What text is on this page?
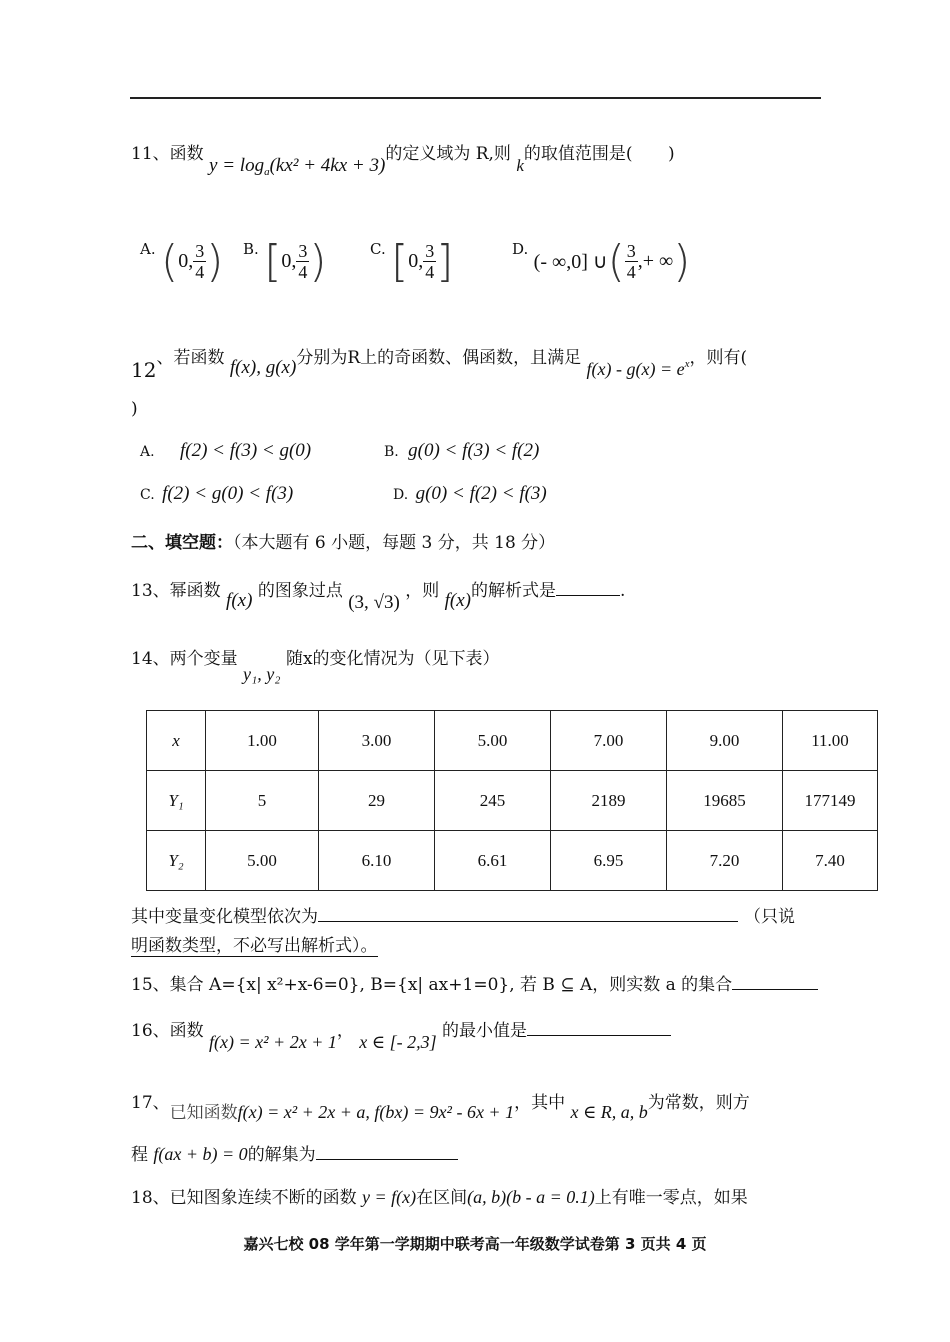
11、函数 $y = \log_a(kx^2 + 4kx + 3)$的定义域为 R,则 k的取值范围是( )
A. (0, $\frac{3}{4}$ ) B. [0, $\frac{3}{4}$ )	C. [0, $\frac{3}{4}$ ]	D. (- ∞,0] ∪( $\frac{3}{4}$ ,+ ∞)
12、若函数 f(x), g(x)分别为R上的奇函数、偶函数，且满足 $f(x) - g(x) = e^x$，则有(
)
A. f(2) < f(3) < g(0)	B. g(0) < f(3) < f(2)
C. f(2) < g(0) < f(3)	D. g(0) < f(2) < f(3)
二、填空题：（本大题有 6 小题，每题 3 分，共 18 分）
13、幂函数 f(x) 的图象过点 (3, √3) ，则 f(x)的解析式是	.
14、两个变量 y₁, y₂ 随x的变化情况为（见下表）
x	1.00	3.00	5.00	7.00	9.00	11.00
Y₁	5	29	245	2189	19685	177149
Y₂	5.00	6.10	6.61	6.95	7.20	7.40
其中变量变化模型依次为	（只说
明函数类型，不必写出解析式）。
15、集合 A={x| x²+x-6=0}, B={x| ax+1=0}, 若 B ⊆ A，则实数 a 的集合
16、函数 f(x) = x² + 2x + 1， x ∈ [- 2,3] 的最小值是
17、已知函数f(x) = x² + 2x + a, f(bx) = 9x² - 6x + 1，其中 x ∈ R, a, b为常数，则方
程 f(ax + b) = 0的解集为
18、已知图象连续不断的函数 y = f(x)在区间(a, b)(b - a = 0.1)上有唯一零点，如果
嘉兴七校 08 学年第一学期期中联考高一年级数学试卷第 3 页共 4 页
